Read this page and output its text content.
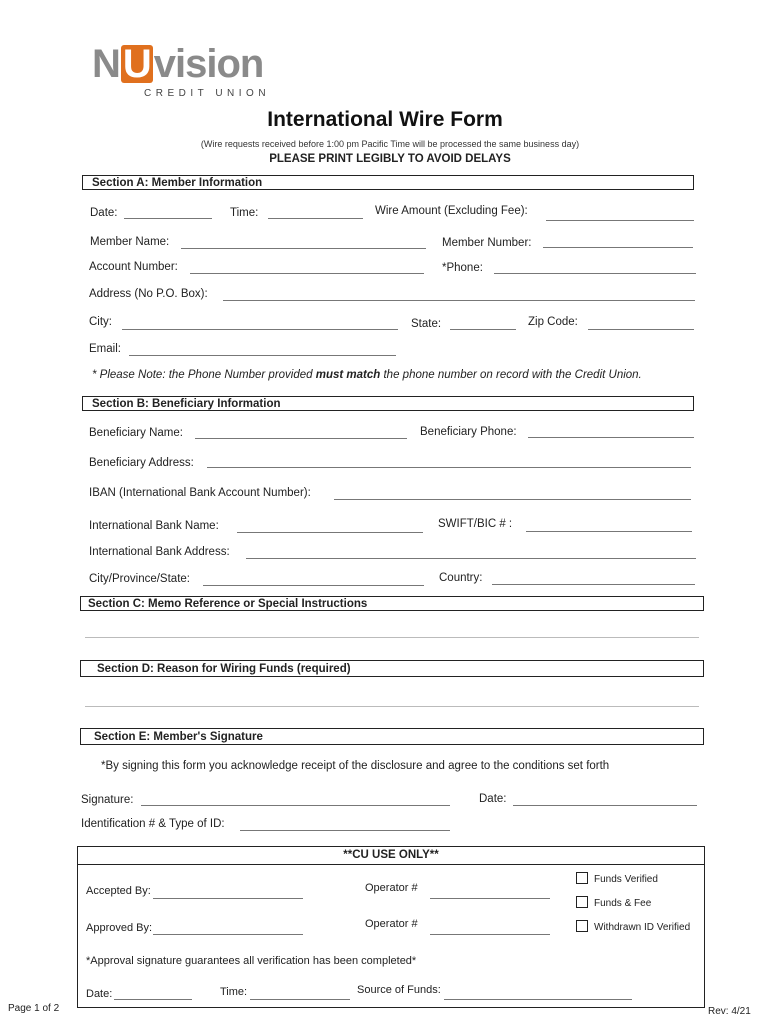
NUvision
CREDIT UNION
International Wire Form
(Wire requests received before 1:00 pm Pacific Time will be processed the same business day)
PLEASE PRINT LEGIBLY TO AVOID DELAYS
Section A: Member Information
Date:	Time:	Wire Amount (Excluding Fee):
Member Name:	Member Number:
Account Number:	*Phone:
Address (No P.O. Box):
City:	State:	Zip Code:
Email:
* Please Note: the Phone Number provided must match the phone number on record with the Credit Union.
Section B: Beneficiary Information
Beneficiary Name:	Beneficiary Phone:
Beneficiary Address:
IBAN (International Bank Account Number):
International Bank Name:	SWIFT/BIC # :
International Bank Address:
City/Province/State:	Country:
Section C: Memo Reference or Special Instructions
Section D: Reason for Wiring Funds (required)
Section E: Member's Signature
*By signing this form you acknowledge receipt of the disclosure and agree to the conditions set forth
Signature:	Date:
Identification # & Type of ID:
**CU USE ONLY**
Accepted By:	Operator #
Funds Verified
Funds & Fee
Withdrawn ID Verified
Approved By:	Operator #
*Approval signature guarantees all verification has been completed*
Date:	Time:	Source of Funds:
Page 1 of 2	Rev: 4/21
